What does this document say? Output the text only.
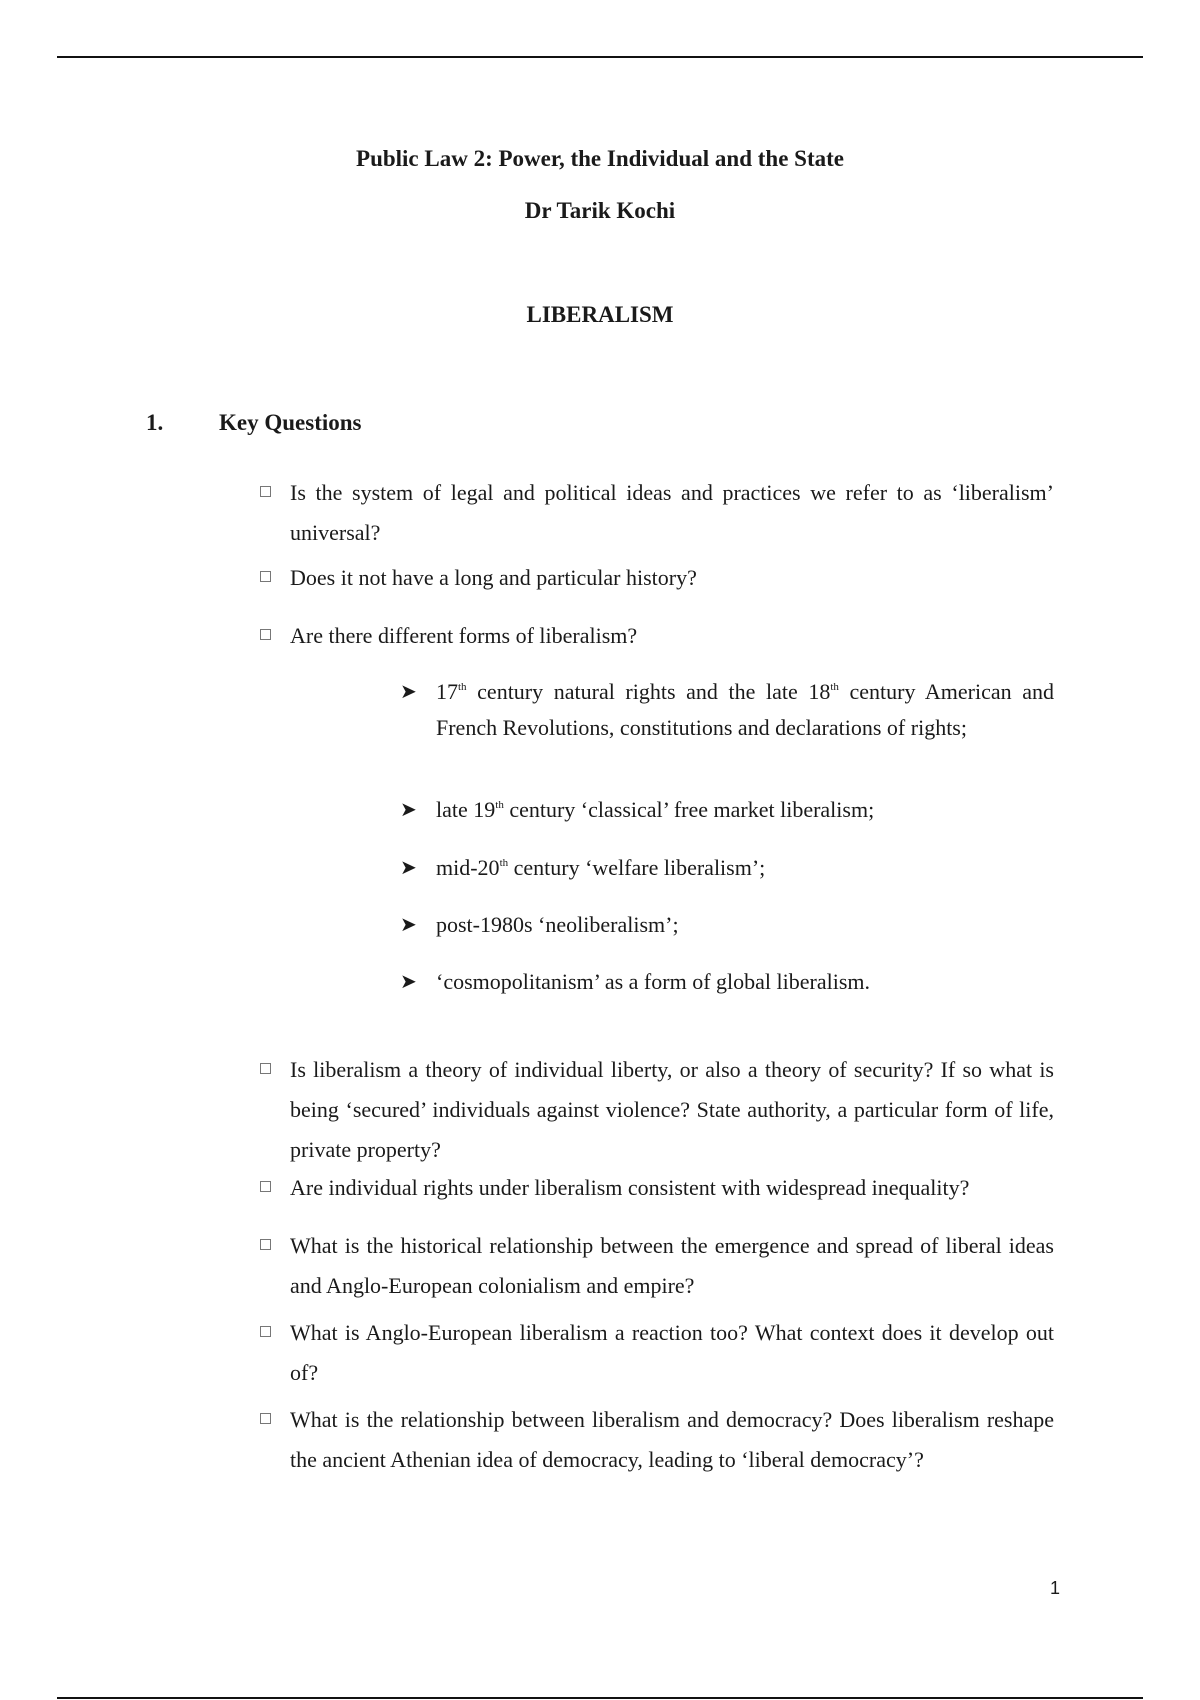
Public Law 2: Power, the Individual and the State
Dr Tarik Kochi
LIBERALISM
1. Key Questions
Is the system of legal and political ideas and practices we refer to as ‘liberalism’ universal?
Does it not have a long and particular history?
Are there different forms of liberalism?
➤ 17th century natural rights and the late 18th century American and French Revolutions, constitutions and declarations of rights;
➤ late 19th century ‘classical’ free market liberalism;
➤ mid-20th century ‘welfare liberalism’;
➤ post-1980s ‘neoliberalism’;
➤ ‘cosmopolitanism’ as a form of global liberalism.
Is liberalism a theory of individual liberty, or also a theory of security? If so what is being ‘secured’ individuals against violence? State authority, a particular form of life, private property?
Are individual rights under liberalism consistent with widespread inequality?
What is the historical relationship between the emergence and spread of liberal ideas and Anglo-European colonialism and empire?
What is Anglo-European liberalism a reaction too? What context does it develop out of?
What is the relationship between liberalism and democracy? Does liberalism reshape the ancient Athenian idea of democracy, leading to ‘liberal democracy’?
1
